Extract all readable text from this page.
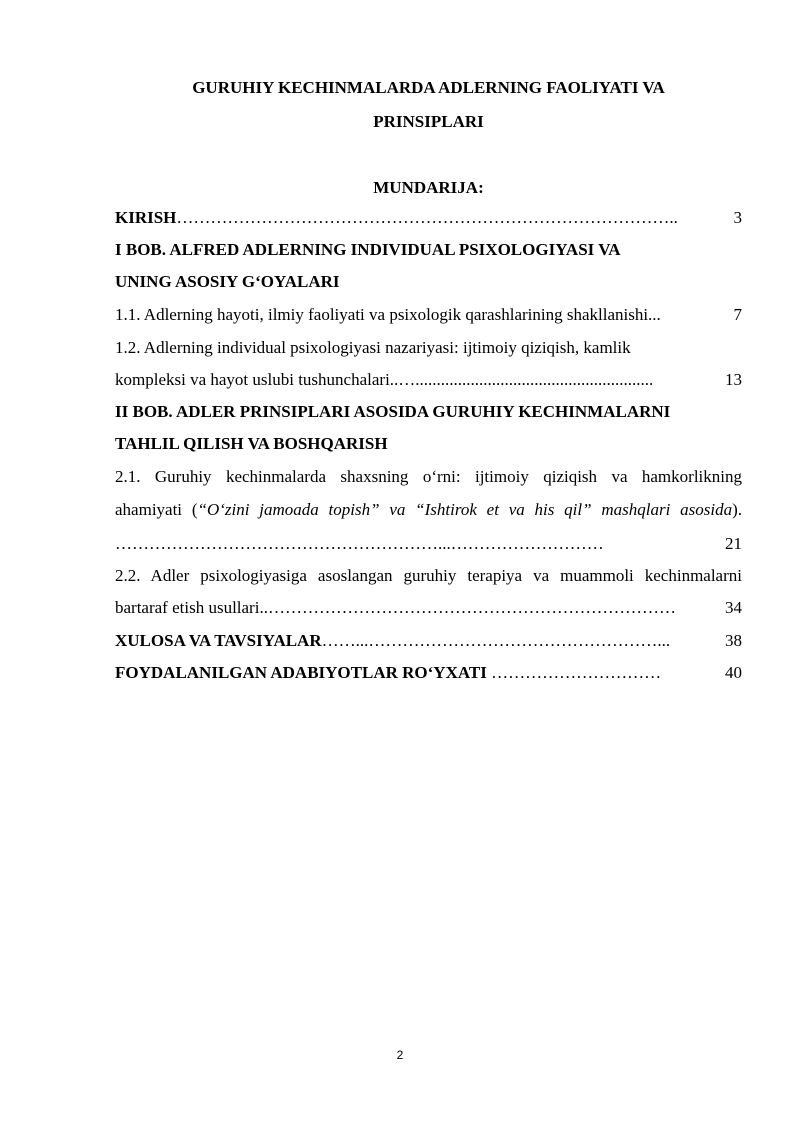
GURUHIY KECHINMALARDA ADLERNING FAOLIYATI VA
PRINSIPLARI
MUNDARIJA:
KIRISH……………………………………………………………………………..	3
I BOB. ALFRED ADLERNING INDIVIDUAL PSIXOLOGIYASI VA
UNING ASOSIY G‘OYALARI
1.1. Adlerning hayoti, ilmiy faoliyati va psixologik qarashlarining shakllanishi...	7
1.2. Adlerning individual psixologiyasi nazariyasi: ijtimoiy qiziqish, kamlik
kompleksi va hayot uslubi tushunchalari..…........................................................	13
II BOB. ADLER PRINSIPLARI ASOSIDA GURUHIY KECHINMALARNI
TAHLIL QILISH VA BOSHQARISH
2.1. Guruhiy kechinmalarda shaxsning o‘rni: ijtimoiy qiziqish va hamkorlikning
ahamiyati (“O‘zini jamoada topish” va “Ishtirok et va his qil” mashqlari asosida).
…………………………………………………...………………………	21
2.2. Adler psixologiyasiga asoslangan guruhiy terapiya va muammoli kechinmalarni
bartaraf etish usullari..………………………………………………………………	34
XULOSA VA TAVSIYALAR……...……………………………………………...	38
FOYDALANILGAN ADABIYOTLAR RO‘YXATI …………………………	40
2
